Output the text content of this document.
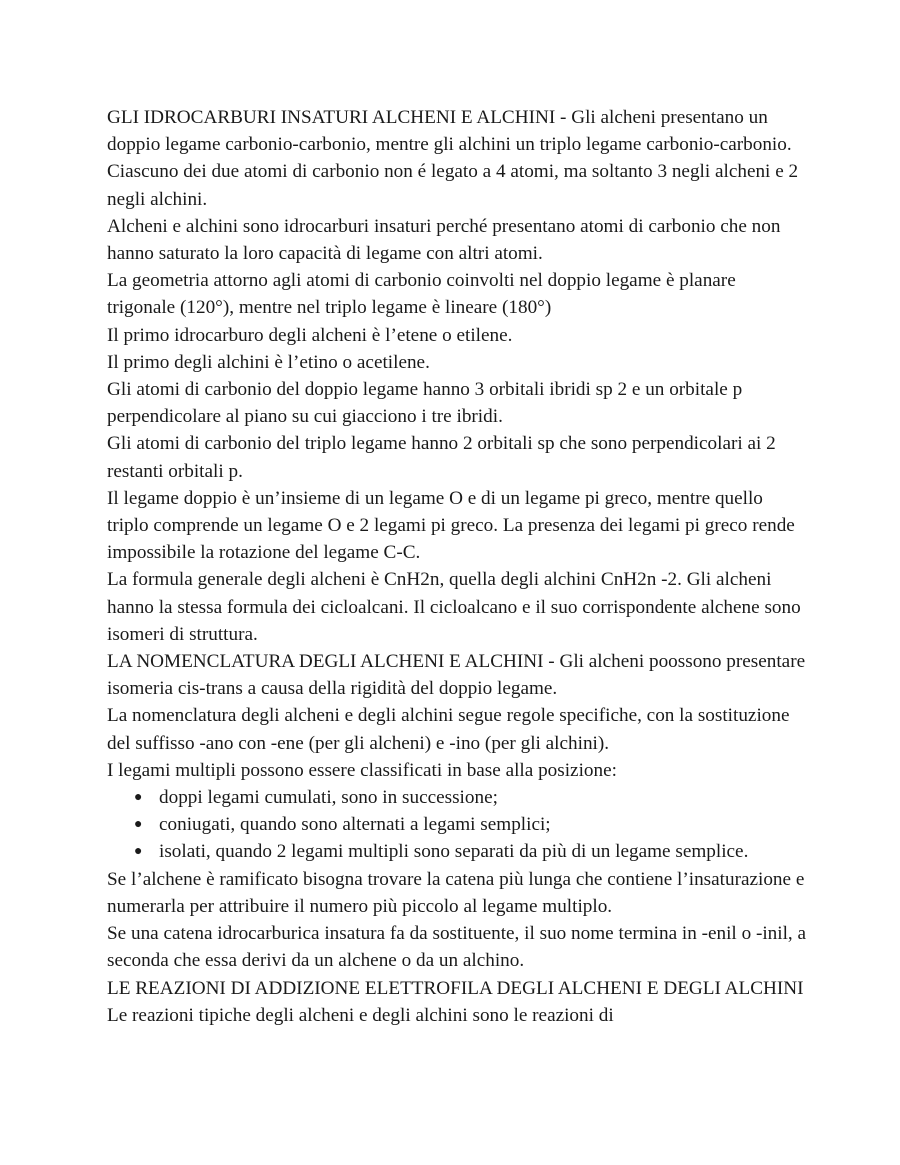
GLI IDROCARBURI INSATURI ALCHENI E ALCHINI - Gli alcheni presentano un doppio legame carbonio-carbonio, mentre gli alchini un triplo legame carbonio-carbonio.

Ciascuno dei due atomi di carbonio non é legato a 4 atomi, ma soltanto 3 negli alcheni e 2 negli alchini.

Alcheni e alchini sono idrocarburi insaturi perché presentano atomi di carbonio che non hanno saturato la loro capacità di legame con altri atomi.

La geometria attorno agli atomi di carbonio coinvolti nel doppio legame è planare trigonale (120°), mentre nel triplo legame è lineare (180°)

Il primo idrocarburo degli alcheni è l’etene o etilene.

Il primo degli alchini è l’etino o acetilene.

Gli atomi di carbonio del doppio legame hanno 3 orbitali ibridi sp 2 e un orbitale p perpendicolare al piano su cui giacciono i tre ibridi.

Gli atomi di carbonio del triplo legame hanno 2 orbitali sp che sono perpendicolari ai 2 restanti orbitali p.

Il legame doppio è un’insieme di un legame O e di un legame pi greco, mentre quello triplo comprende un legame O e 2 legami pi greco. La presenza dei legami pi greco rende impossibile la rotazione del legame C-C.

La formula generale degli alcheni è CnH2n, quella degli alchini CnH2n -2. Gli alcheni hanno la stessa formula dei cicloalcani. Il cicloalcano e il suo corrispondente alchene sono isomeri di struttura.

LA NOMENCLATURA DEGLI ALCHENI E ALCHINI - Gli alcheni poossono presentare isomeria cis-trans a causa della rigidità del doppio legame.

La nomenclatura degli alcheni e degli alchini segue regole specifiche, con la sostituzione del suffisso -ano con -ene (per gli alcheni) e -ino (per gli alchini).

I legami multipli possono essere classificati in base alla posizione:

● doppi legami cumulati, sono in successione;
● coniugati, quando sono alternati a legami semplici;
● isolati, quando 2 legami multipli sono separati da più di un legame semplice.

Se l’alchene è ramificato bisogna trovare la catena più lunga che contiene l’insaturazione e numerarla per attribuire il numero più piccolo al legame multiplo.

Se una catena idrocarburica insatura fa da sostituente, il suo nome termina in -enil o -inil, a seconda che essa derivi da un alchene o da un alchino.

LE REAZIONI DI ADDIZIONE ELETTROFILA DEGLI ALCHENI E DEGLI ALCHINI Le reazioni tipiche degli alcheni e degli alchini sono le reazioni di
